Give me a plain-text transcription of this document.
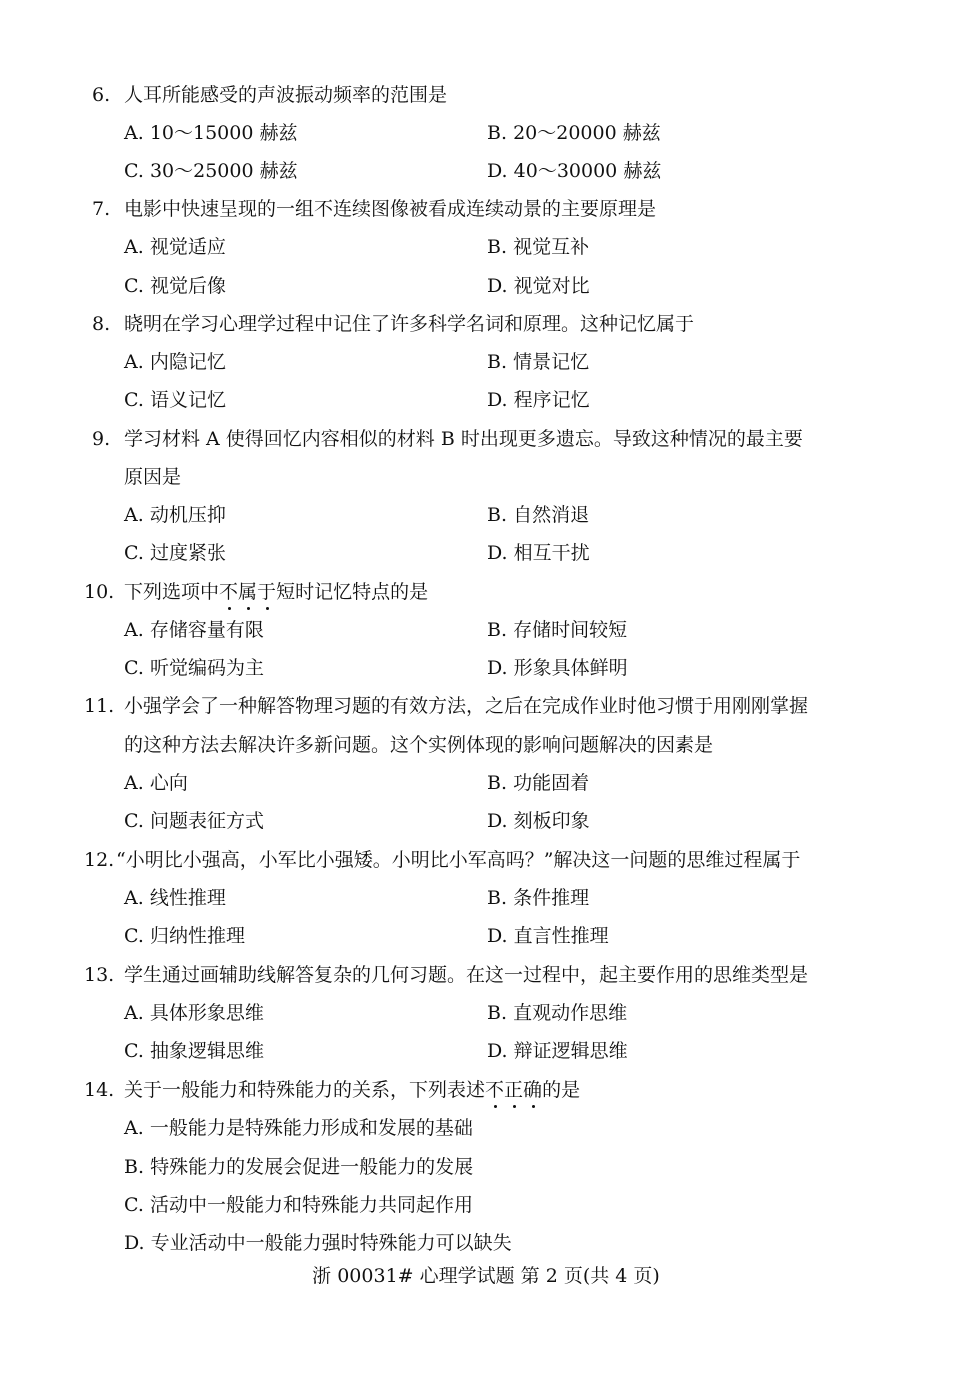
6. 人耳所能感受的声波振动频率的范围是
A. 10～15000 赫兹	B. 20～20000 赫兹
C. 30～25000 赫兹	D. 40～30000 赫兹
7. 电影中快速呈现的一组不连续图像被看成连续动景的主要原理是
A. 视觉适应	B. 视觉互补
C. 视觉后像	D. 视觉对比
8. 晓明在学习心理学过程中记住了许多科学名词和原理。这种记忆属于
A. 内隐记忆	B. 情景记忆
C. 语义记忆	D. 程序记忆
9. 学习材料 A 使得回忆内容相似的材料 B 时出现更多遗忘。导致这种情况的最主要
原因是
A. 动机压抑	B. 自然消退
C. 过度紧张	D. 相互干扰
10. 下列选项中不属于短时记忆特点的是
A. 存储容量有限	B. 存储时间较短
C. 听觉编码为主	D. 形象具体鲜明
11. 小强学会了一种解答物理习题的有效方法，之后在完成作业时他习惯于用刚刚掌握
的这种方法去解决许多新问题。这个实例体现的影响问题解决的因素是
A. 心向	B. 功能固着
C. 问题表征方式	D. 刻板印象
12. “小明比小强高，小军比小强矮。小明比小军高吗？”解决这一问题的思维过程属于
A. 线性推理	B. 条件推理
C. 归纳性推理	D. 直言性推理
13. 学生通过画辅助线解答复杂的几何习题。在这一过程中，起主要作用的思维类型是
A. 具体形象思维	B. 直观动作思维
C. 抽象逻辑思维	D. 辩证逻辑思维
14. 关于一般能力和特殊能力的关系，下列表述不正确的是
A. 一般能力是特殊能力形成和发展的基础
B. 特殊能力的发展会促进一般能力的发展
C. 活动中一般能力和特殊能力共同起作用
D. 专业活动中一般能力强时特殊能力可以缺失
浙 00031# 心理学试题 第 2 页(共 4 页)
